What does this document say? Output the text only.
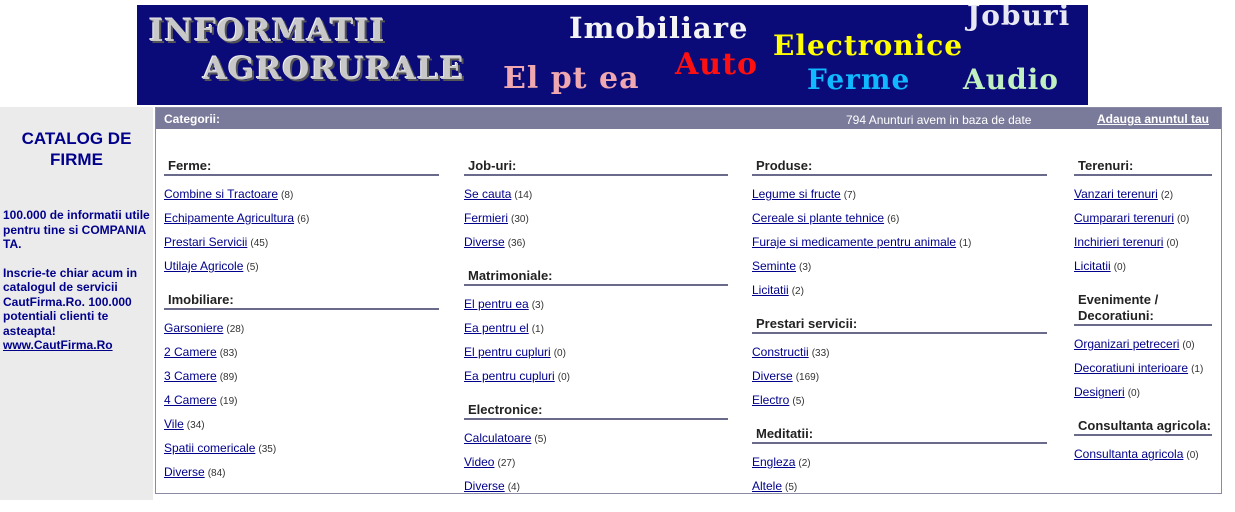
INFORMATII
AGRORURALE
Imobiliare	Joburi
Electronice
El pt ea Auto Ferme Audio
CATALOG DE FIRME

100.000 de informatii utile pentru tine si COMPANIA TA.

Inscrie-te chiar acum in catalogul de servicii CautFirma.Ro. 100.000 potentiali clienti te asteapta!

www.CautFirma.Ro
Categorii:	794 Anunturi avem in baza de date	Adauga anuntul tau
Ferme:
Combine si Tractoare (8)
Echipamente Agricultura (6)
Prestari Servicii (45)
Utilaje Agricole (5)
Imobiliare:
Garsoniere (28)
2 Camere (83)
3 Camere (89)
4 Camere (19)
Vile (34)
Spatii comericale (35)
Diverse (84)
Job-uri:
Se cauta (14)
Fermieri (30)
Diverse (36)
Matrimoniale:
El pentru ea (3)
Ea pentru el (1)
El pentru cupluri (0)
Ea pentru cupluri (0)
Electronice:
Calculatoare (5)
Video (27)
Diverse (4)
Produse:
Legume si fructe (7)
Cereale si plante tehnice (6)
Furaje si medicamente pentru animale (1)
Seminte (3)
Licitatii (2)
Prestari servicii:
Constructii (33)
Diverse (169)
Electro (5)
Meditatii:
Engleza (2)
Altele (5)
Terenuri:
Vanzari terenuri (2)
Cumparari terenuri (0)
Inchirieri terenuri (0)
Licitatii (0)
Evenimente / Decoratiuni:
Organizari petreceri (0)
Decoratiuni interioare (1)
Designeri (0)
Consultanta agricola:
Consultanta agricola (0)
